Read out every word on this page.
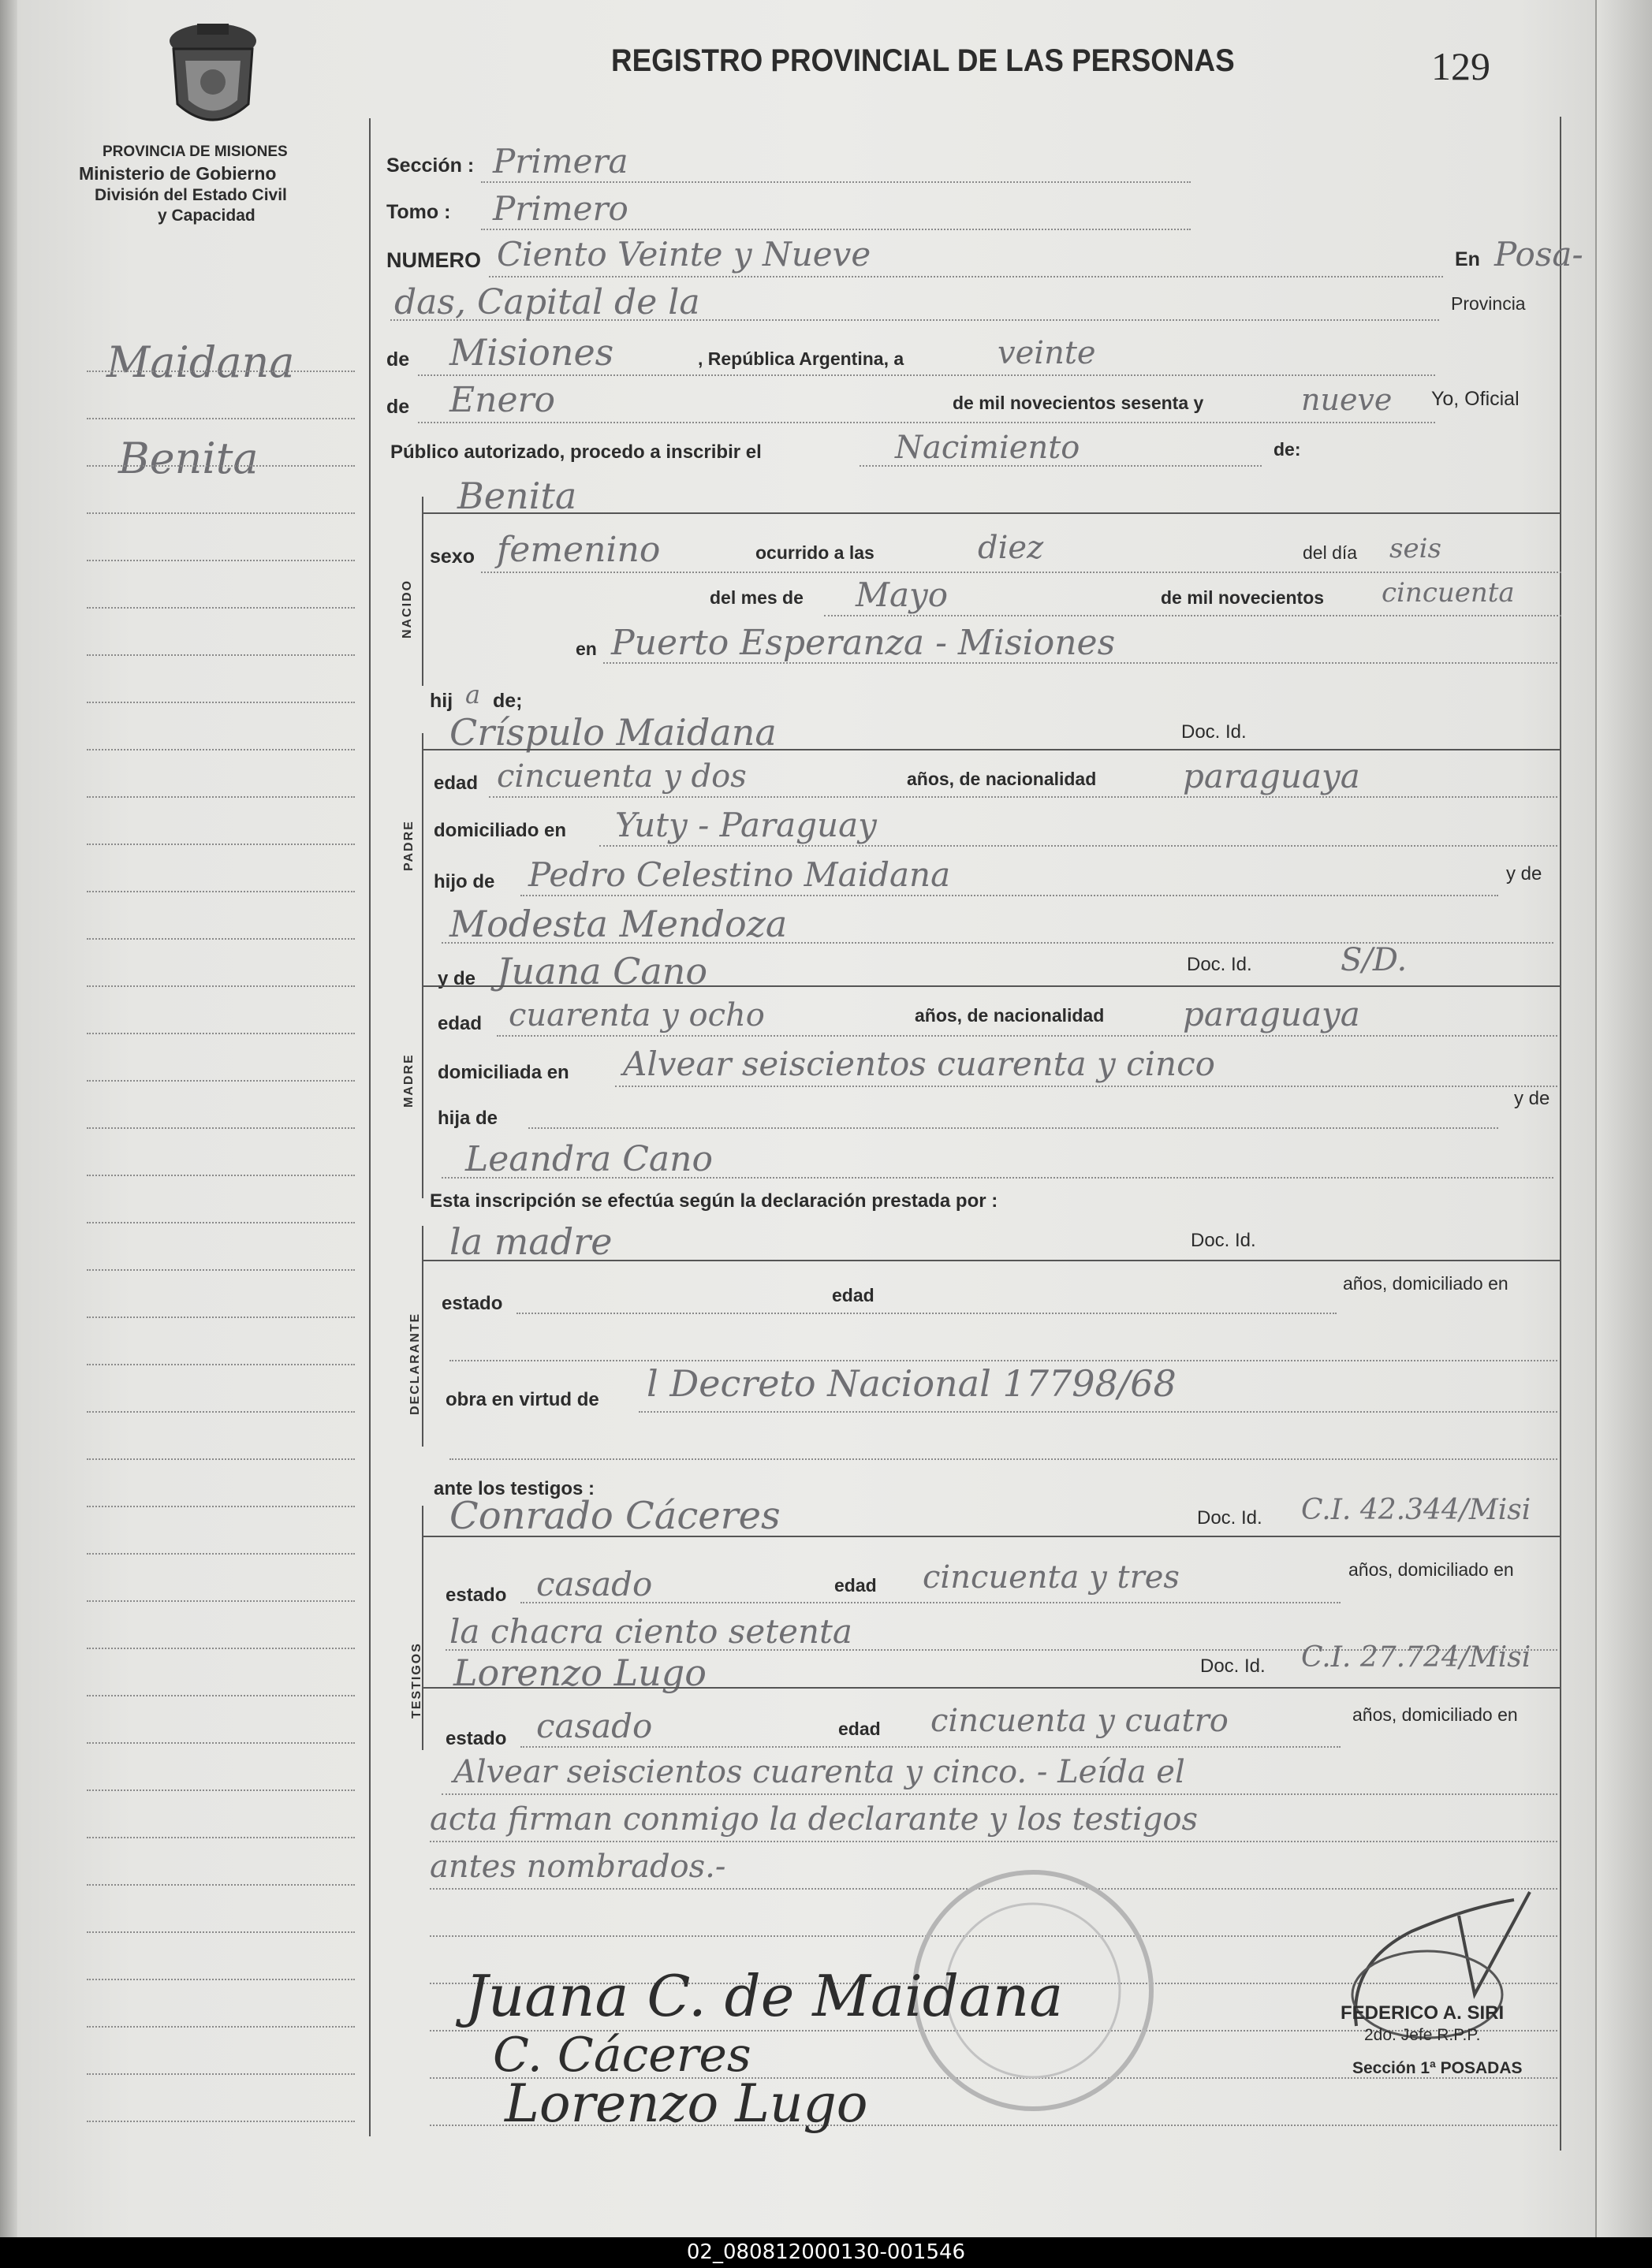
PROVINCIA DE MISIONES
Ministerio de Gobierno
División del Estado Civil
y Capacidad
REGISTRO PROVINCIAL DE LAS PERSONAS	129
Maidana
Benita
Sección : Primera
Tomo : Primero
NUMERO Ciento Veinte y Nueve	En Posa-
das, Capital de la	Provincia
de Misiones	, República Argentina, a	veinte
de Enero	de mil novecientos sesenta y	nueve Yo, Oficial
Público autorizado, procedo a inscribir el	Nacimiento	de:
NACIDO
Benita
sexo femenino	ocurrido a las	diez	del día seis
del mes de Mayo	de mil novecientos cincuenta
en Puerto Esperanza - Misiones
hij a de;
PADRE
Críspulo Maidana	Doc. Id.
edad cincuenta y dos	años, de nacionalidad	paraguaya
domiciliado en Yuty - Paraguay
hijo de Pedro Celestino Maidana	y de
Modesta Mendoza
MADRE
y de Juana Cano	Doc. Id.	S/D.
edad cuarenta y ocho	años, de nacionalidad paraguaya
domiciliada en Alvear seiscientos cuarenta y cinco
hija de
y de
Leandra Cano
Esta inscripción se efectúa según la declaración prestada por :
DECLARANTE
la madre	Doc. Id.
estado	edad
años, domiciliado en
obra en virtud de l Decreto Nacional 17798/68
ante los testigos :
TESTIGOS
Conrado Cáceres	Doc. Id. C.I. 42.344/Misi
estado casado	edad cincuenta y tres	años, domiciliado en
la chacra ciento setenta
Lorenzo Lugo	Doc. Id. C.I. 27.724/Misi
estado casado	edad cincuenta y cuatro	años, domiciliado en
Alvear seiscientos cuarenta y cinco. - Leída el
acta firman conmigo la declarante y los testigos
antes nombrados.-
Juana C. de Maidana
C. Cáceres
Lorenzo Lugo
FEDERICO A. SIRI
2do. Jefe R.P.P.
Sección 1ª POSADAS
02_080812000130-001546
